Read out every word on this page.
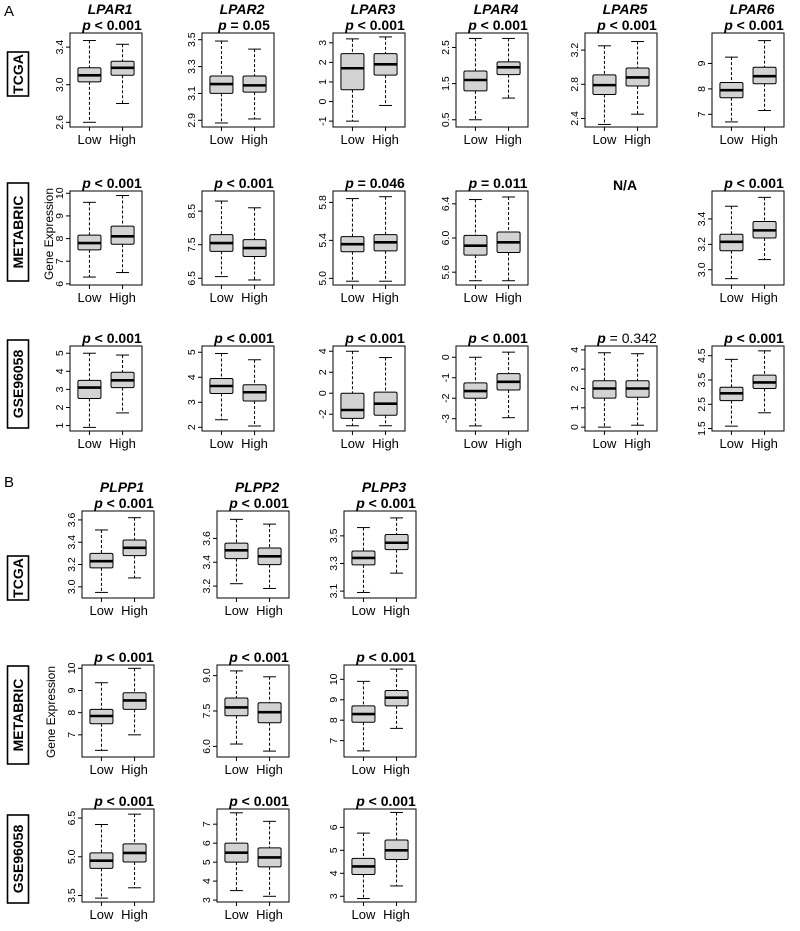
A
B
LPAR1
p < 0.001
2.6
3.0
3.4
Low High
LPAR2
p = 0.05
2.9
3.1
3.3
3.5
Low High
LPAR3
p < 0.001
-1
0
1
2
3
Low High
LPAR4
p < 0.001
0.5
1.5
2.5
Low High
LPAR5
p < 0.001
2.4
2.8
3.2
Low High
LPAR6
p < 0.001
7
8
9
Low High
p < 0.001
6
7
8
9
10
Low High
p < 0.001
6.5
7.5
8.5
Low High
p = 0.046
5.0
5.4
5.8
Low High
p = 0.011
5.6
6.0
6.4
Low High
N/A	p < 0.001
3.0
3.2
3.4
Low High
p < 0.001
1
2
3
4
5
Low High
p < 0.001
2
3
4
5
Low High
p < 0.001
-2
0
2
4
Low High
p < 0.001
-3
-2
-1
0
Low High
p = 0.342
0
1
2
3
4
Low High
p < 0.001
1.5
2.5
3.5
4.5
Low High
PLPP1
p < 0.001
3.0
3.2
3.4
3.6
Low High
PLPP2
p < 0.001
3.2
3.4
3.6
Low High
PLPP3
p < 0.001
3.1
3.3
3.5
Low High
p < 0.001
7
8
9
10
Low High
p < 0.001
6.0
7.5
9.0
Low High
p < 0.001
7
8
9
10
Low High
p < 0.001
3.5
5.0
6.5
Low High
p < 0.001
3
4
5
6
7
Low High
p < 0.001
3
4
5
6
Low High
TCGA
METABRIC
GSE96058
TCGA
METABRIC
GSE96058
Gene Expression
Gene Expression
